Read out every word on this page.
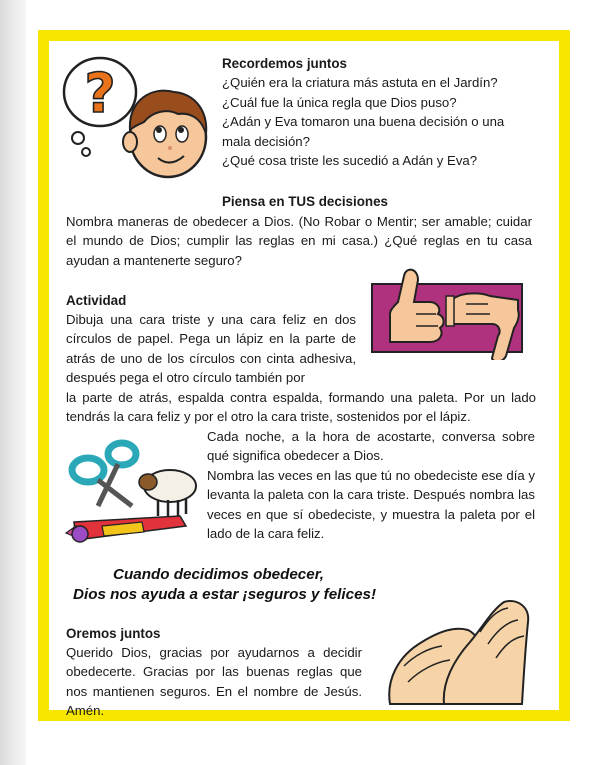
?	Recordemos juntos

¿Quién era la criatura más astuta en el Jardín?

¿Cuál fue la única regla que Dios puso?

¿Adán y Eva tomaron una buena decisión o una mala decisión?

¿Qué cosa triste les sucedió a Adán y Eva?

Piensa en TUS decisiones

Nombra maneras de obedecer a Dios. (No Robar o Mentir; ser amable; cuidar el mundo de Dios; cumplir las reglas en mi casa.) ¿Qué reglas en tu casa ayudan a mantenerte seguro?

Actividad

Dibuja una cara triste y una cara feliz en dos círculos de papel. Pega un lápiz en la parte de atrás de uno de los círculos con cinta adhesiva, después pega el otro círculo también por

la parte de atrás, espalda contra espalda, formando una paleta. Por un lado tendrás la cara feliz y por el otro la cara triste, sostenidos por el lápiz.

Cada noche, a la hora de acostarte, conversa sobre qué significa obedecer a Dios.

Nombra las veces en las que tú no obedeciste ese día y levanta la paleta con la cara triste. Después nombra las veces en que sí obedeciste, y muestra la paleta por el lado de la cara feliz.

Cuando decidimos obedecer,

Dios nos ayuda a estar ¡seguros y felices!

Oremos juntos

Querido Dios, gracias por ayudarnos a decidir obedecerte. Gracias por las buenas reglas que nos mantienen seguros. En el nombre de Jesús. Amén.
